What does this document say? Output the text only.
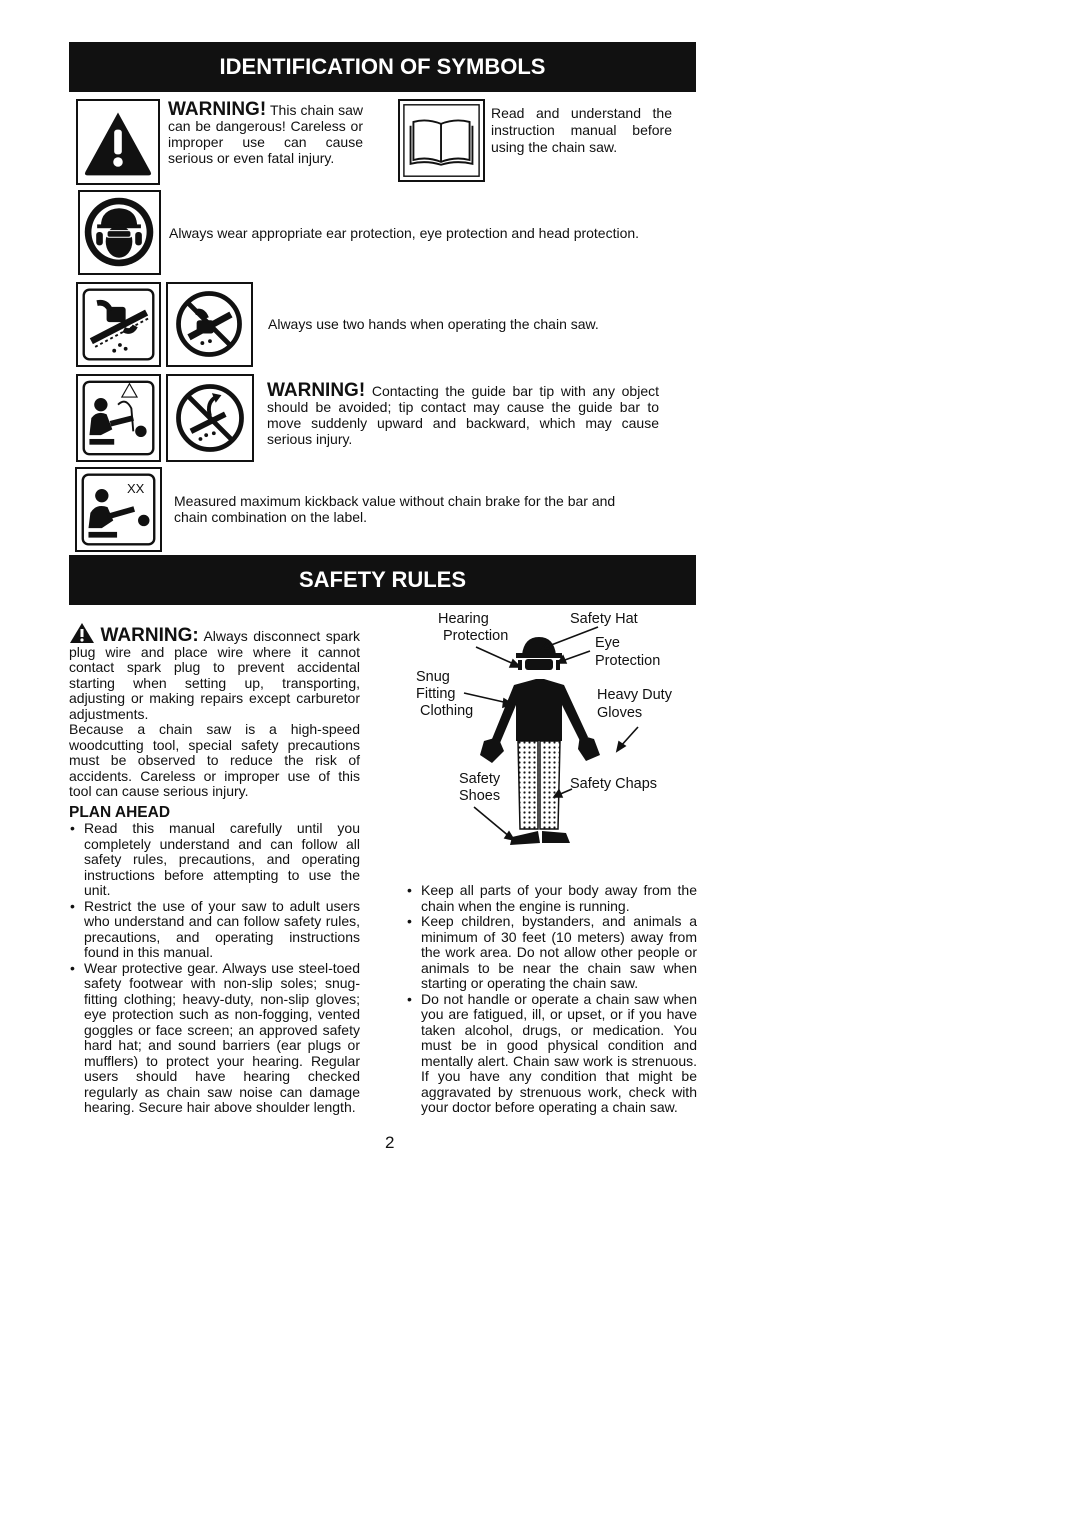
IDENTIFICATION OF SYMBOLS
WARNING! This chain saw can be dangerous! Careless or improper use can cause serious or even fatal injury.
Read and understand the instruction manual before using the chain saw.
Always wear appropriate ear protection, eye protection and head protection.
Always use two hands when operating the chain saw.
WARNING! Contacting the guide bar tip with any object should be avoided; tip contact may cause the guide bar to move suddenly upward and backward, which may cause serious injury.
XX
Measured maximum kickback value without chain brake for the bar and chain combination on the label.
SAFETY RULES
WARNING: Always disconnect spark plug wire and place wire where it cannot contact spark plug to prevent accidental starting when setting up, transporting, adjusting or making repairs except carburetor adjustments.
Because a chain saw is a high-speed woodcutting tool, special safety precautions must be observed to reduce the risk of accidents. Careless or improper use of this tool can cause serious injury.
PLAN AHEAD
• Read this manual carefully until you completely understand and can follow all safety rules, precautions, and operating instructions before attempting to use the unit.
• Restrict the use of your saw to adult users who understand and can follow safety rules, precautions, and operating instructions found in this manual.
• Wear protective gear. Always use steel-toed safety footwear with non-slip soles; snug-fitting clothing; heavy-duty, non-slip gloves; eye protection such as non-fogging, vented goggles or face screen; an approved safety hard hat; and sound barriers (ear plugs or mufflers) to protect your hearing. Regular users should have hearing checked regularly as chain saw noise can damage hearing. Secure hair above shoulder length.
Hearing
Protection
Safety Hat
Eye
Protection
Snug
Fitting
Clothing
Heavy Duty
Gloves
Safety
Shoes
Safety Chaps
• Keep all parts of your body away from the chain when the engine is running.
• Keep children, bystanders, and animals a minimum of 30 feet (10 meters) away from the work area. Do not allow other people or animals to be near the chain saw when starting or operating the chain saw.
• Do not handle or operate a chain saw when you are fatigued, ill, or upset, or if you have taken alcohol, drugs, or medication. You must be in good physical condition and mentally alert. Chain saw work is strenuous. If you have any condition that might be aggravated by strenuous work, check with your doctor before operating a chain saw.
2
